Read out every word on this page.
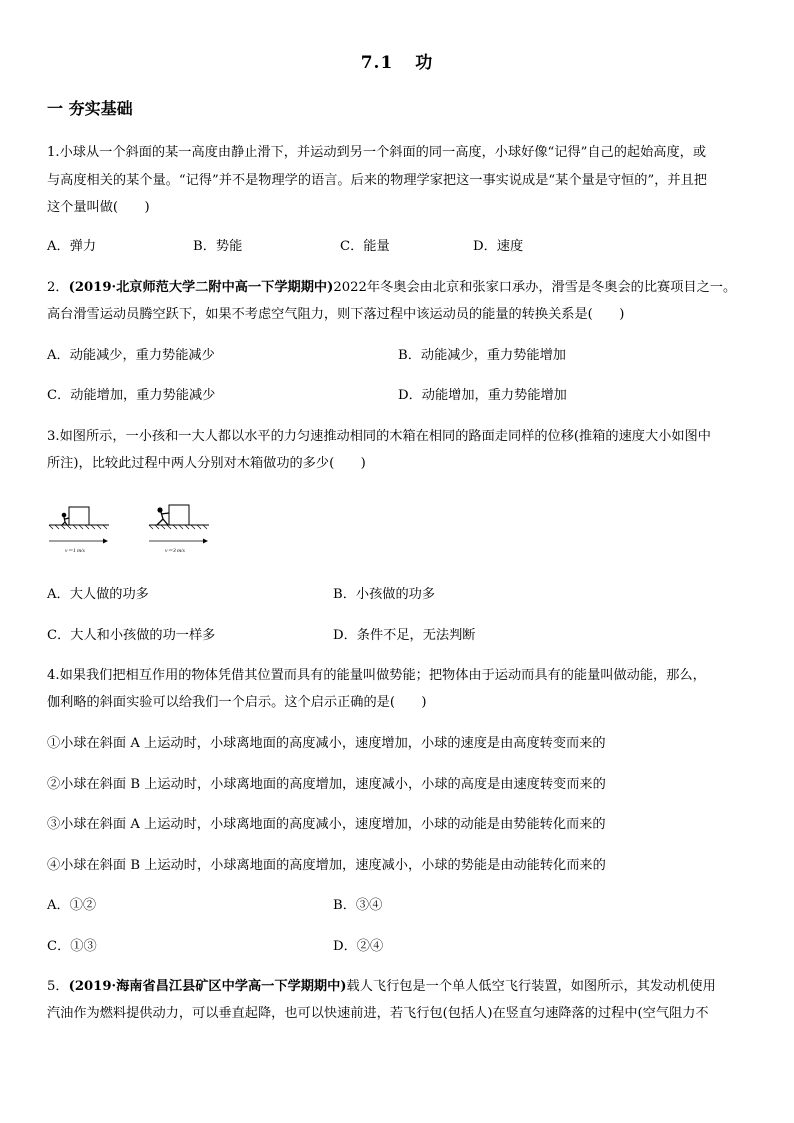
7.1 功
一 夯实基础
1.小球从一个斜面的某一高度由静止滑下，并运动到另一个斜面的同一高度，小球好像“记得”自己的起始高度，或
与高度相关的某个量。“记得”并不是物理学的语言。后来的物理学家把这一事实说成是“某个量是守恒的”，并且把
这个量叫做(　　)
A．弹力	B．势能	C．能量	D．速度
2．(2019·北京师范大学二附中高一下学期期中)2022年冬奥会由北京和张家口承办，滑雪是冬奥会的比赛项目之一。
高台滑雪运动员腾空跃下，如果不考虑空气阻力，则下落过程中该运动员的能量的转换关系是(　　)
A．动能减少，重力势能减少	B．动能减少，重力势能增加
C．动能增加，重力势能减少	D．动能增加，重力势能增加
3.如图所示，一小孩和一大人都以水平的力匀速推动相同的木箱在相同的路面走同样的位移(推箱的速度大小如图中
所注)，比较此过程中两人分别对木箱做功的多少(　　)
v＝1 m/s	v＝3 m/s
A．大人做的功多	B．小孩做的功多
C．大人和小孩做的功一样多	D．条件不足，无法判断
4.如果我们把相互作用的物体凭借其位置而具有的能量叫做势能；把物体由于运动而具有的能量叫做动能，那么，
伽利略的斜面实验可以给我们一个启示。这个启示正确的是(　　)
①小球在斜面 A 上运动时，小球离地面的高度减小，速度增加，小球的速度是由高度转变而来的
②小球在斜面 B 上运动时，小球离地面的高度增加，速度减小，小球的高度是由速度转变而来的
③小球在斜面 A 上运动时，小球离地面的高度减小，速度增加，小球的动能是由势能转化而来的
④小球在斜面 B 上运动时，小球离地面的高度增加，速度减小，小球的势能是由动能转化而来的
A．①②	B．③④
C．①③	D．②④
5．(2019·海南省昌江县矿区中学高一下学期期中)载人飞行包是一个单人低空飞行装置，如图所示，其发动机使用
汽油作为燃料提供动力，可以垂直起降，也可以快速前进，若飞行包(包括人)在竖直匀速降落的过程中(空气阻力不
